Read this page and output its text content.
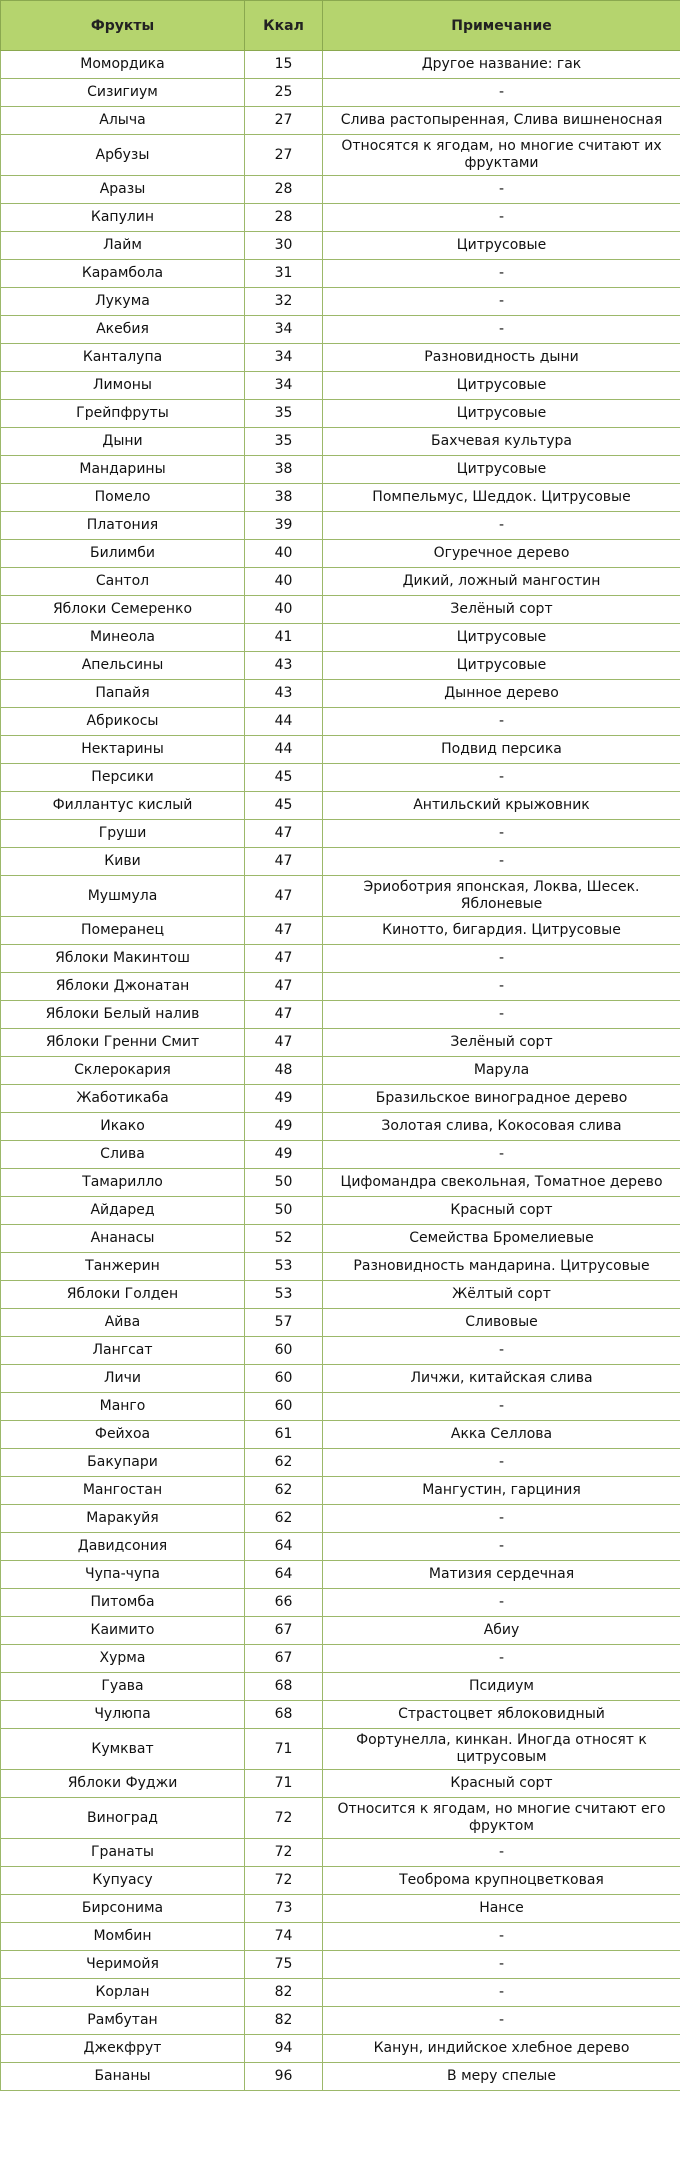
Фрукты	Ккал	Примечание
Момордика	15	Другое название: гак
Сизигиум	25	-
Алыча	27	Слива растопыренная, Слива вишненосная
Арбузы	27	Относятся к ягодам, но многие считают их фруктами
Аразы	28	-
Капулин	28	-
Лайм	30	Цитрусовые
Карамбола	31	-
Лукума	32	-
Акебия	34	-
Канталупа	34	Разновидность дыни
Лимоны	34	Цитрусовые
Грейпфруты	35	Цитрусовые
Дыни	35	Бахчевая культура
Мандарины	38	Цитрусовые
Помело	38	Помпельмус, Шеддок. Цитрусовые
Платония	39	-
Билимби	40	Огуречное дерево
Сантол	40	Дикий, ложный мангостин
Яблоки Семеренко	40	Зелёный сорт
Минеола	41	Цитрусовые
Апельсины	43	Цитрусовые
Папайя	43	Дынное дерево
Абрикосы	44	-
Нектарины	44	Подвид персика
Персики	45	-
Филлантус кислый	45	Антильский крыжовник
Груши	47	-
Киви	47	-
Мушмула	47	Эриоботрия японская, Локва, Шесек. Яблоневые
Померанец	47	Кинотто, бигардия. Цитрусовые
Яблоки Макинтош	47	-
Яблоки Джонатан	47	-
Яблоки Белый налив	47	-
Яблоки Гренни Смит	47	Зелёный сорт
Склерокария	48	Марула
Жаботикаба	49	Бразильское виноградное дерево
Икако	49	Золотая слива, Кокосовая слива
Слива	49	-
Тамарилло	50	Цифомандра свекольная, Томатное дерево
Айдаред	50	Красный сорт
Ананасы	52	Семейства Бромелиевые
Танжерин	53	Разновидность мандарина. Цитрусовые
Яблоки Голден	53	Жёлтый сорт
Айва	57	Сливовые
Лангсат	60	-
Личи	60	Личжи, китайская слива
Манго	60	-
Фейхоа	61	Акка Селлова
Бакупари	62	-
Мангостан	62	Мангустин, гарциния
Маракуйя	62	-
Давидсония	64	-
Чупа-чупа	64	Матизия сердечная
Питомба	66	-
Каимито	67	Абиу
Хурма	67	-
Гуава	68	Псидиум
Чулюпа	68	Страстоцвет яблоковидный
Кумкват	71	Фортунелла, кинкан. Иногда относят к цитрусовым
Яблоки Фуджи	71	Красный сорт
Виноград	72	Относится к ягодам, но многие считают его фруктом
Гранаты	72	-
Купуасу	72	Теоброма крупноцветковая
Бирсонима	73	Нансе
Момбин	74	-
Черимойя	75	-
Корлан	82	-
Рамбутан	82	-
Джекфрут	94	Канун, индийское хлебное дерево
Бананы	96	В меру спелые
